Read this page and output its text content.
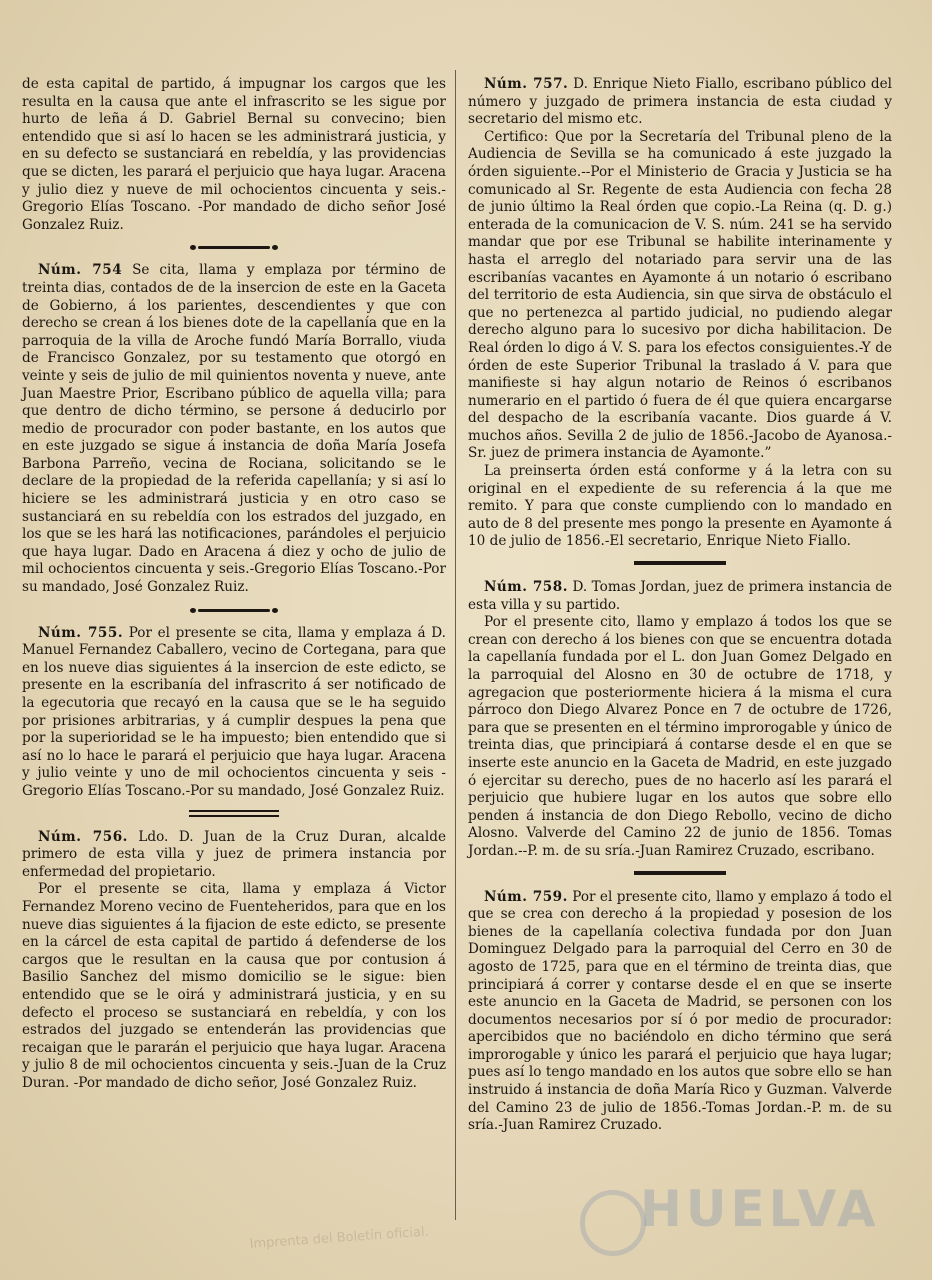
de esta capital de partido, á impugnar los cargos que les resulta en la causa que ante el infrascrito se les sigue por hurto de leña á D. Gabriel Bernal su convecino; bien entendido que si así lo hacen se les administrará justicia, y en su defecto se sustanciará en rebeldía, y las providencias que se dicten, les parará el perjuicio que haya lugar. Aracena y julio diez y nueve de mil ochocientos cincuenta y seis.-Gregorio Elías Toscano. -Por mandado de dicho señor José Gonzalez Ruiz.

Núm. 754 Se cita, llama y emplaza por término de treinta dias, contados de de la insercion de este en la Gaceta de Gobierno, á los parientes, descendientes y que con derecho se crean á los bienes dote de la capellanía que en la parroquia de la villa de Aroche fundó María Borrallo, viuda de Francisco Gonzalez, por su testamento que otorgó en veinte y seis de julio de mil quinientos noventa y nueve, ante Juan Maestre Prior, Escribano público de aquella villa; para que dentro de dicho término, se persone á deducirlo por medio de procurador con poder bastante, en los autos que en este juzgado se sigue á instancia de doña María Josefa Barbona Parreño, vecina de Rociana, solicitando se le declare de la propiedad de la referida capellanía; y si así lo hiciere se les administrará justicia y en otro caso se sustanciará en su rebeldía con los estrados del juzgado, en los que se les hará las notificaciones, parándoles el perjuicio que haya lugar. Dado en Aracena á diez y ocho de julio de mil ochocientos cincuenta y seis.-Gregorio Elías Toscano.-Por su mandado, José Gonzalez Ruiz.

Núm. 755. Por el presente se cita, llama y emplaza á D. Manuel Fernandez Caballero, vecino de Cortegana, para que en los nueve dias siguientes á la insercion de este edicto, se presente en la escribanía del infrascrito á ser notificado de la egecutoria que recayó en la causa que se le ha seguido por prisiones arbitrarias, y á cumplir despues la pena que por la superioridad se le ha impuesto; bien entendido que si así no lo hace le parará el perjuicio que haya lugar. Aracena y julio veinte y uno de mil ochocientos cincuenta y seis -Gregorio Elías Toscano.-Por su mandado, José Gonzalez Ruiz.

Núm. 756. Ldo. D. Juan de la Cruz Duran, alcalde primero de esta villa y juez de primera instancia por enfermedad del propietario.

Por el presente se cita, llama y emplaza á Victor Fernandez Moreno vecino de Fuenteheridos, para que en los nueve dias siguientes á la fijacion de este edicto, se presente en la cárcel de esta capital de partido á defenderse de los cargos que le resultan en la causa que por contusion á Basilio Sanchez del mismo domicilio se le sigue: bien entendido que se le oirá y administrará justicia, y en su defecto el proceso se sustanciará en rebeldía, y con los estrados del juzgado se entenderán las providencias que recaigan que le pararán el perjuicio que haya lugar. Aracena y julio 8 de mil ochocientos cincuenta y seis.-Juan de la Cruz Duran. -Por mandado de dicho señor, José Gonzalez Ruiz.

Núm. 757. D. Enrique Nieto Fiallo, escribano público del número y juzgado de primera instancia de esta ciudad y secretario del mismo etc.

Certifico: Que por la Secretaría del Tribunal pleno de la Audiencia de Sevilla se ha comunicado á este juzgado la órden siguiente.--Por el Ministerio de Gracia y Justicia se ha comunicado al Sr. Regente de esta Audiencia con fecha 28 de junio último la Real órden que copio.-La Reina (q. D. g.) enterada de la comunicacion de V. S. núm. 241 se ha servido mandar que por ese Tribunal se habilite interinamente y hasta el arreglo del notariado para servir una de las escribanías vacantes en Ayamonte á un notario ó escribano del territorio de esta Audiencia, sin que sirva de obstáculo el que no pertenezca al partido judicial, no pudiendo alegar derecho alguno para lo sucesivo por dicha habilitacion. De Real órden lo digo á V. S. para los efectos consiguientes.-Y de órden de este Superior Tribunal la traslado á V. para que manifieste si hay algun notario de Reinos ó escribanos numerario en el partido ó fuera de él que quiera encargarse del despacho de la escribanía vacante. Dios guarde á V. muchos años. Sevilla 2 de julio de 1856.-Jacobo de Ayanosa.-Sr. juez de primera instancia de Ayamonte.”

La preinserta órden está conforme y á la letra con su original en el expediente de su referencia á la que me remito. Y para que conste cumpliendo con lo mandado en auto de 8 del presente mes pongo la presente en Ayamonte á 10 de julio de 1856.-El secretario, Enrique Nieto Fiallo.

Núm. 758. D. Tomas Jordan, juez de primera instancia de esta villa y su partido.

Por el presente cito, llamo y emplazo á todos los que se crean con derecho á los bienes con que se encuentra dotada la capellanía fundada por el L. don Juan Gomez Delgado en la parroquial del Alosno en 30 de octubre de 1718, y agregacion que posteriormente hiciera á la misma el cura párroco don Diego Alvarez Ponce en 7 de octubre de 1726, para que se presenten en el término improrogable y único de treinta dias, que principiará á contarse desde el en que se inserte este anuncio en la Gaceta de Madrid, en este juzgado ó ejercitar su derecho, pues de no hacerlo así les parará el perjuicio que hubiere lugar en los autos que sobre ello penden á instancia de don Diego Rebollo, vecino de dicho Alosno. Valverde del Camino 22 de junio de 1856. Tomas Jordan.--P. m. de su sría.-Juan Ramirez Cruzado, escribano.

Núm. 759. Por el presente cito, llamo y emplazo á todo el que se crea con derecho á la propiedad y posesion de los bienes de la capellanía colectiva fundada por don Juan Dominguez Delgado para la parroquial del Cerro en 30 de agosto de 1725, para que en el término de treinta dias, que principiará á correr y contarse desde el en que se inserte este anuncio en la Gaceta de Madrid, se personen con los documentos necesarios por sí ó por medio de procurador: apercibidos que no baciéndolo en dicho término que será improrogable y único les parará el perjuicio que haya lugar; pues así lo tengo mandado en los autos que sobre ello se han instruido á instancia de doña María Rico y Guzman. Valverde del Camino 23 de julio de 1856.-Tomas Jordan.-P. m. de su sría.-Juan Ramirez Cruzado.

HUELVA
Imprenta del Boletín oficial.
